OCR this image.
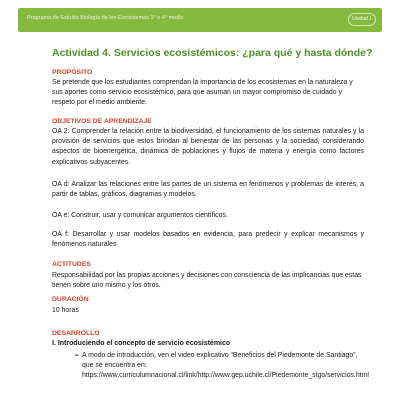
Programa de Estudio Biología de los Ecosistemas 3° o 4° medio	Unidad 1
Actividad 4. Servicios ecosistémicos: ¿para qué y hasta dónde?
PROPÓSITO
Se pretende que los estudiantes comprendan la importancia de los ecosistemas en la naturaleza y sus aportes como servicio ecosistémico, para que asuman un mayor compromiso de cuidado y respeto por el medio ambiente.
OBJETIVOS DE APRENDIZAJE
OA 2: Comprender la relación entre la biodiversidad, el funcionamiento de los sistemas naturales y la provisión de servicios que estos brindan al bienestar de las personas y la sociedad, considerando aspectos de bioenergética, dinámica de poblaciones y flujos de materia y energía como factores explicativos subyacentes.
OA d: Analizar las relaciones entre las partes de un sistema en fenómenos y problemas de interés, a partir de tablas, gráficos, diagramas y modelos.
OA e: Construir, usar y comunicar argumentos científicos.
OA f: Desarrollar y usar modelos basados en evidencia, para predecir y explicar mecanismos y fenómenos naturales
ACTITUDES
Responsabilidad por las propias acciones y decisiones con consciencia de las implicancias que estas tienen sobre uno mismo y los otros.
DURACIÓN
10 horas
DESARROLLO
I. Introduciendo el concepto de servicio ecosistémico
➢ A modo de introducción, ven el video explicativo “Beneficios del Piedemonte de Santiago”, que se encuentra en: https://www.curriculumnacional.cl/link/http://www.gep.uchile.cl/Piedemonte_stgo/servicios.html
